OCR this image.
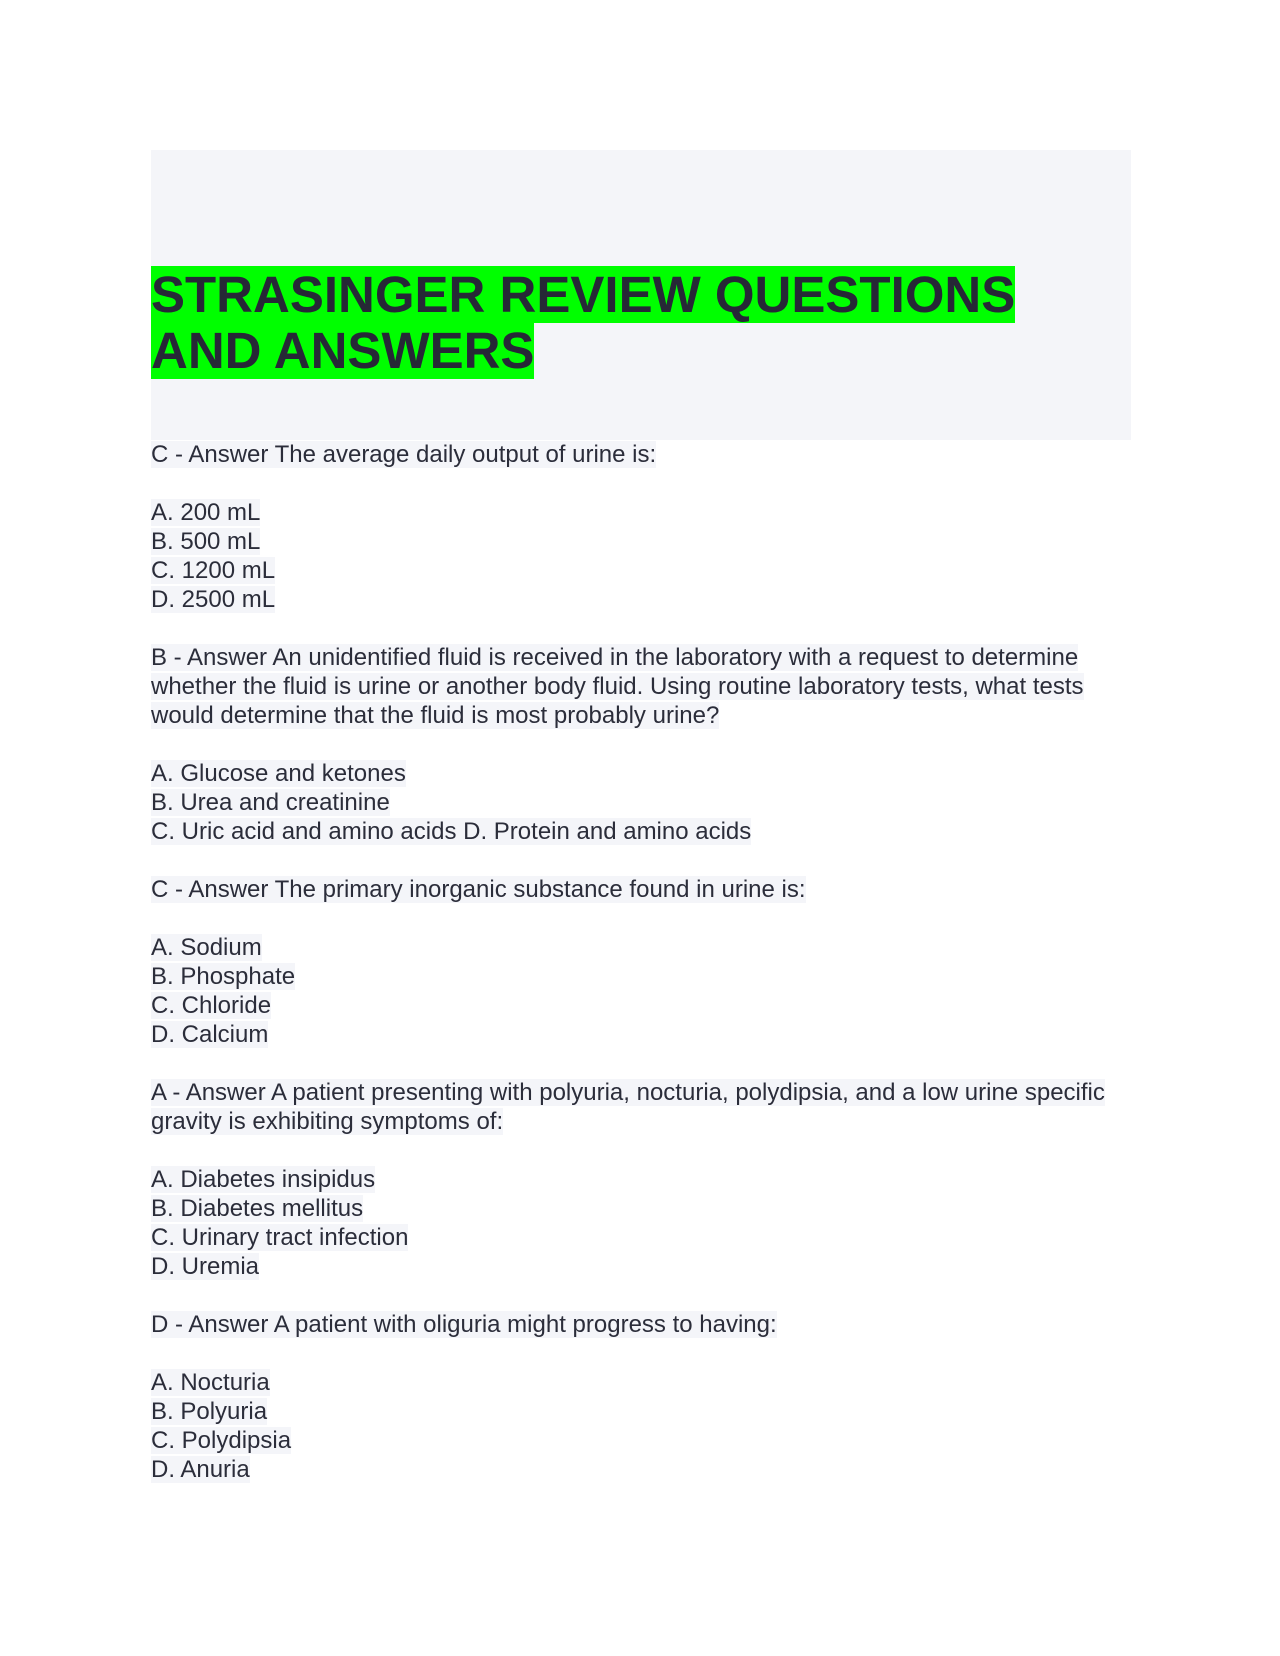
STRASINGER REVIEW QUESTIONS AND ANSWERS

C - Answer The average daily output of urine is:

A. 200 mL
B. 500 mL
C. 1200 mL
D. 2500 mL

B - Answer An unidentified fluid is received in the laboratory with a request to determine whether the fluid is urine or another body fluid. Using routine laboratory tests, what tests would determine that the fluid is most probably urine?

A. Glucose and ketones
B. Urea and creatinine
C. Uric acid and amino acids D. Protein and amino acids

C - Answer The primary inorganic substance found in urine is:

A. Sodium
B. Phosphate
C. Chloride
D. Calcium

A - Answer A patient presenting with polyuria, nocturia, polydipsia, and a low urine specific gravity is exhibiting symptoms of:

A. Diabetes insipidus
B. Diabetes mellitus
C. Urinary tract infection
D. Uremia

D - Answer A patient with oliguria might progress to having:

A. Nocturia
B. Polyuria
C. Polydipsia
D. Anuria
